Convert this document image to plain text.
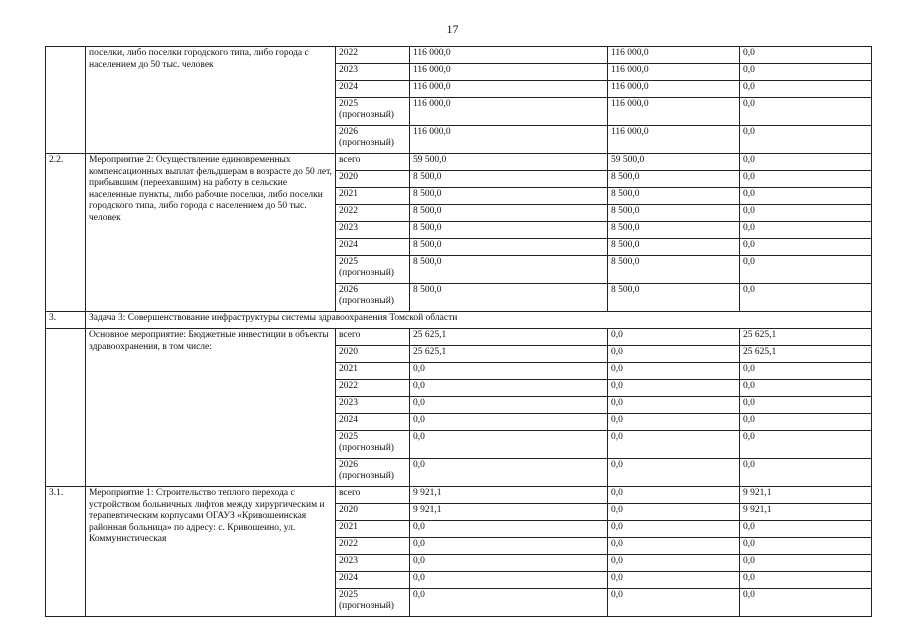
17
	поселки, либо поселки городского типа, либо города с населением до 50 тыс. человек	2022	116 000,0	116 000,0	0,0
		2023	116 000,0	116 000,0	0,0
		2024	116 000,0	116 000,0	0,0
		2025 (прогнозный)	116 000,0	116 000,0	0,0
		2026 (прогнозный)	116 000,0	116 000,0	0,0
2.2.	Мероприятие 2: Осуществление единовременных компенсационных выплат фельдшерам в возрасте до 50 лет, прибывшим (переехавшим) на работу в сельские населенные пункты, либо рабочие поселки, либо поселки городского типа, либо города с населением до 50 тыс. человек	всего	59 500,0	59 500,0	0,0
		2020	8 500,0	8 500,0	0,0
		2021	8 500,0	8 500,0	0,0
		2022	8 500,0	8 500,0	0,0
		2023	8 500,0	8 500,0	0,0
		2024	8 500,0	8 500,0	0,0
		2025 (прогнозный)	8 500,0	8 500,0	0,0
		2026 (прогнозный)	8 500,0	8 500,0	0,0
3.	Задача 3: Совершенствование инфраструктуры системы здравоохранения Томской области				
	Основное мероприятие: Бюджетные инвестиции в объекты здравоохранения, в том числе:	всего	25 625,1	0,0	25 625,1
		2020	25 625,1	0,0	25 625,1
		2021	0,0	0,0	0,0
		2022	0,0	0,0	0,0
		2023	0,0	0,0	0,0
		2024	0,0	0,0	0,0
		2025 (прогнозный)	0,0	0,0	0,0
		2026 (прогнозный)	0,0	0,0	0,0
3.1.	Мероприятие 1: Строительство теплого перехода с устройством больничных лифтов между хирургическим и терапевтическим корпусами ОГАУЗ «Кривошеинская районная больница» по адресу: с. Кривошеино, ул. Коммунистическая	всего	9 921,1	0,0	9 921,1
		2020	9 921,1	0,0	9 921,1
		2021	0,0	0,0	0,0
		2022	0,0	0,0	0,0
		2023	0,0	0,0	0,0
		2024	0,0	0,0	0,0
		2025 (прогнозный)	0,0	0,0	0,0
